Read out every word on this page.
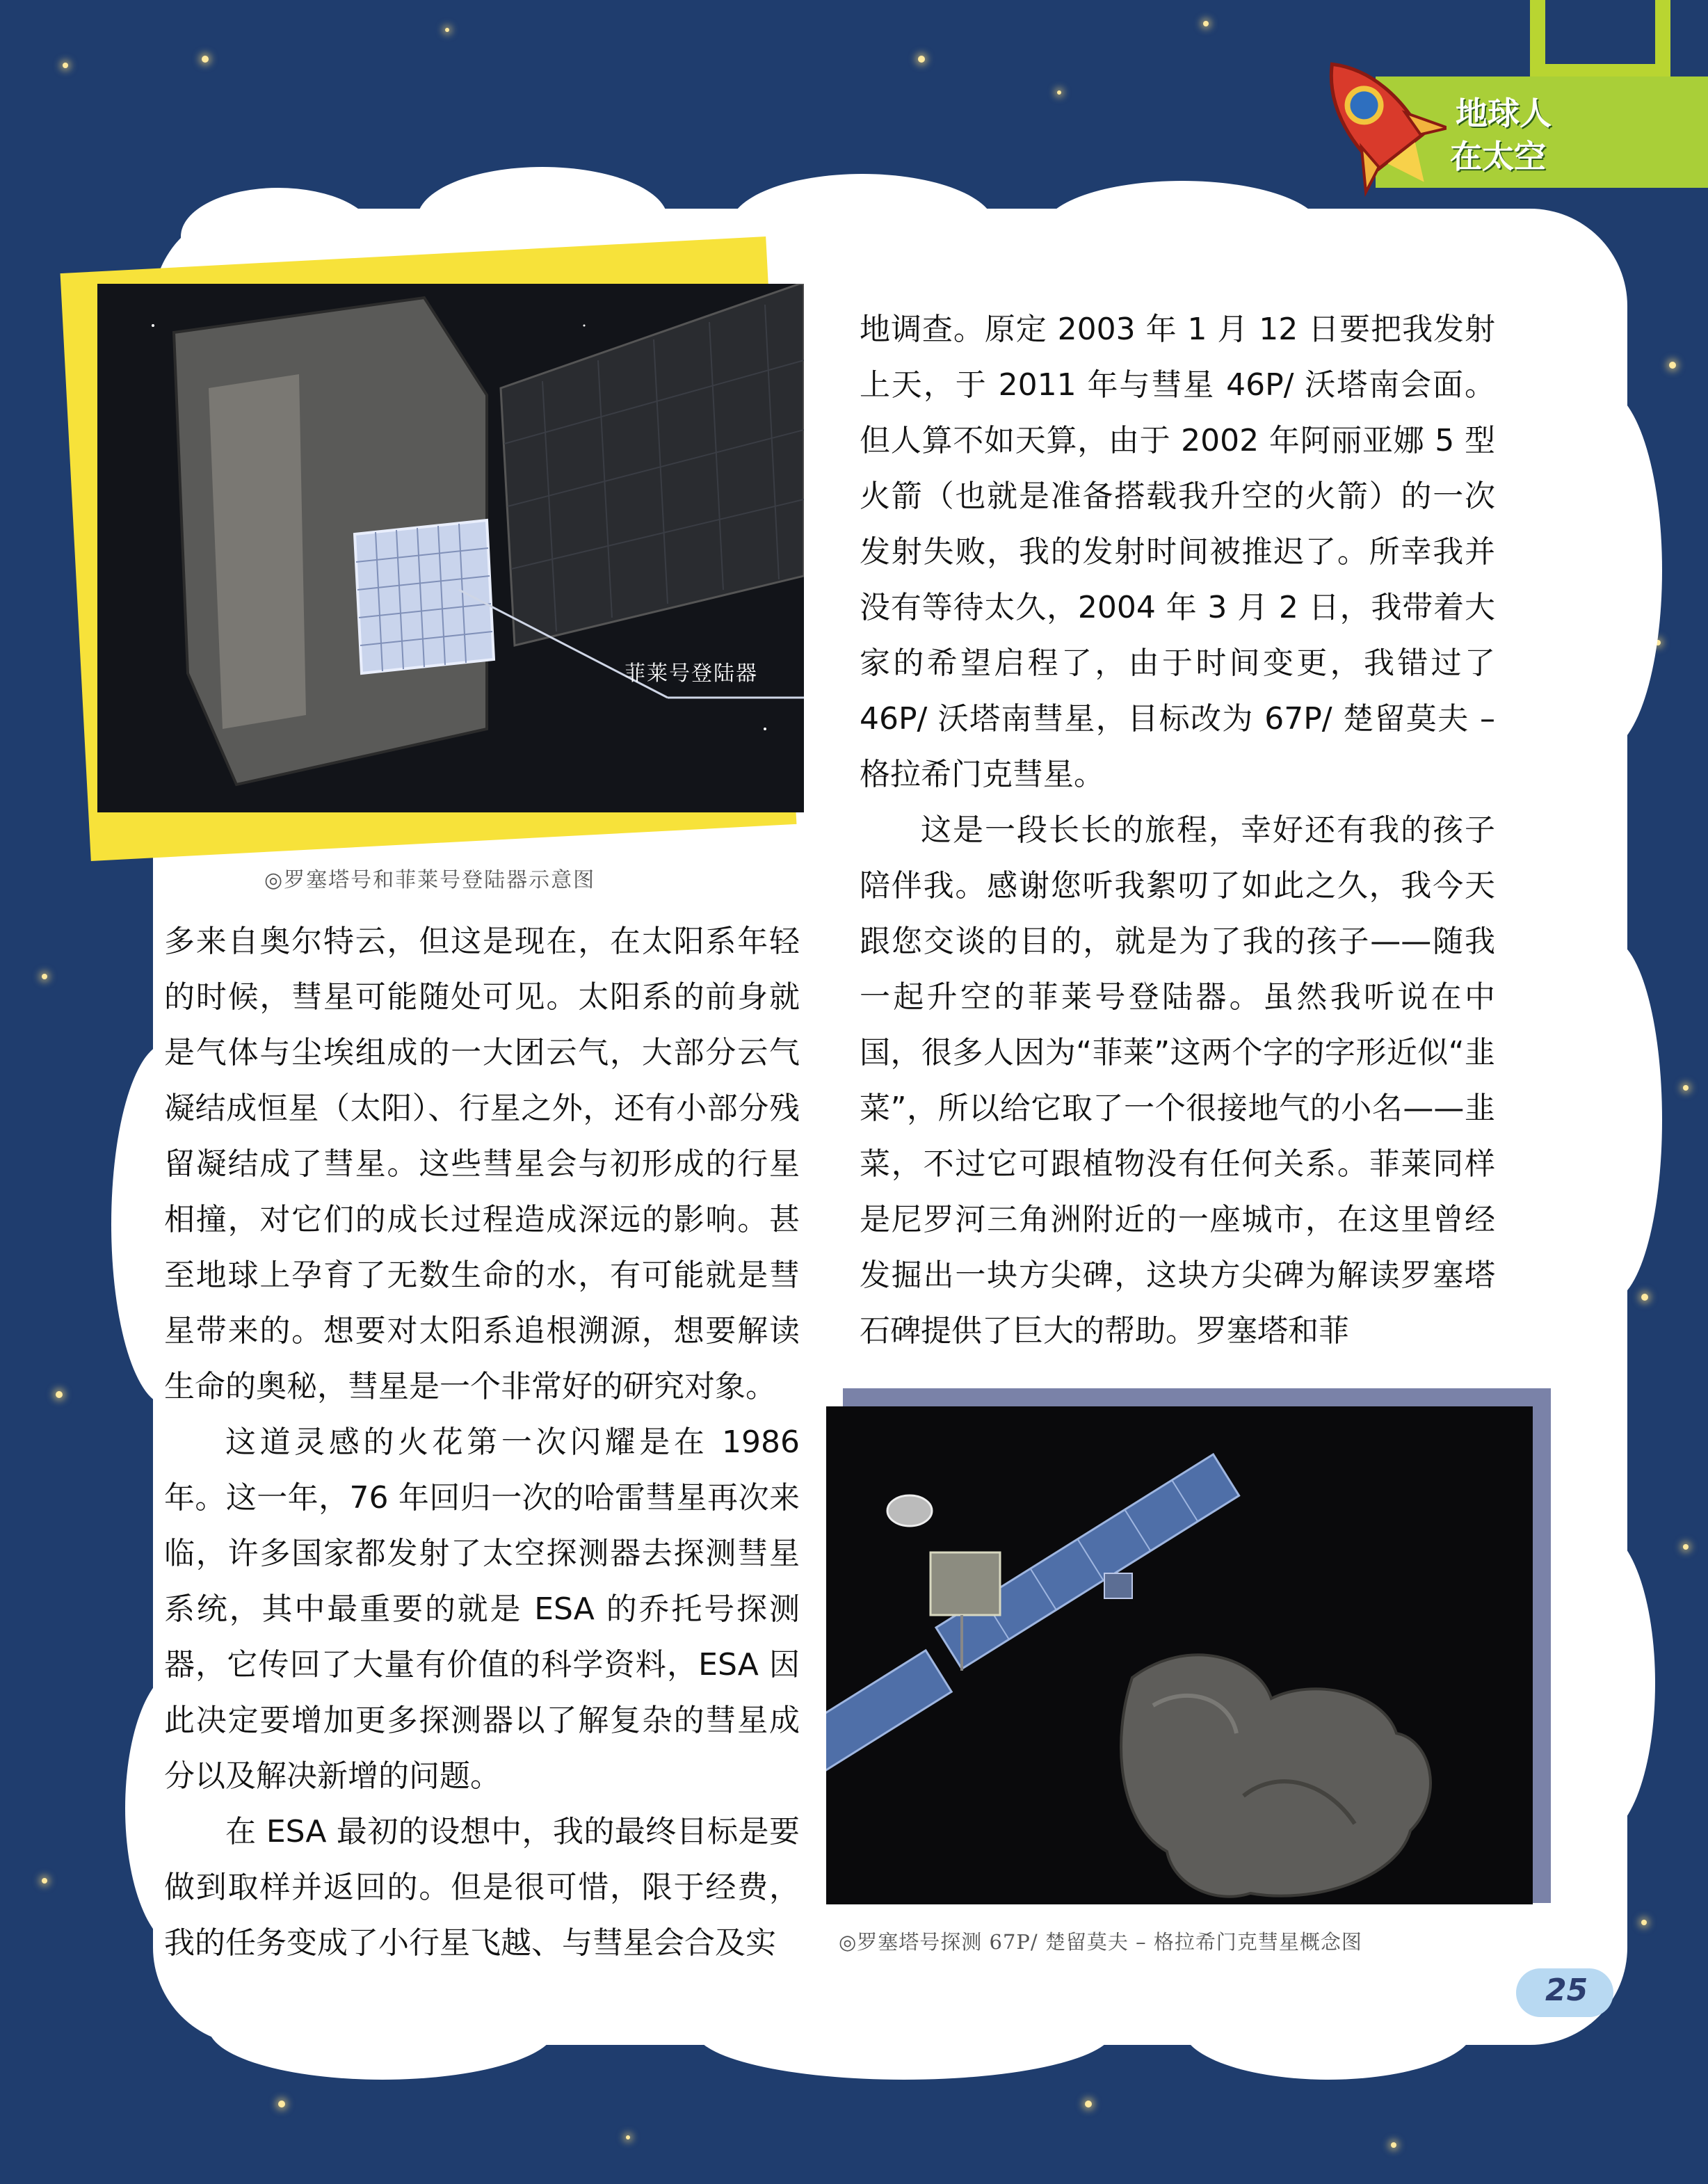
地球人
在太空
菲莱号登陆器
◎罗塞塔号和菲莱号登陆器示意图
◎罗塞塔号探测 67P/ 楚留莫夫 – 格拉希门克彗星概念图

多来自奥尔特云，但这是现在，在太阳系年轻的时候，彗星可能随处可见。太阳系的前身就是气体与尘埃组成的一大团云气，大部分云气凝结成恒星（太阳）、行星之外，还有小部分残留凝结成了彗星。这些彗星会与初形成的行星相撞，对它们的成长过程造成深远的影响。甚至地球上孕育了无数生命的水，有可能就是彗星带来的。想要对太阳系追根溯源，想要解读生命的奥秘，彗星是一个非常好的研究对象。

这道灵感的火花第一次闪耀是在 1986 年。这一年，76 年回归一次的哈雷彗星再次来临，许多国家都发射了太空探测器去探测彗星系统，其中最重要的就是 ESA 的乔托号探测器，它传回了大量有价值的科学资料，ESA 因此决定要增加更多探测器以了解复杂的彗星成分以及解决新增的问题。

在 ESA 最初的设想中，我的最终目标是要做到取样并返回的。但是很可惜，限于经费，我的任务变成了小行星飞越、与彗星会合及实

地调查。原定 2003 年 1 月 12 日要把我发射上天，于 2011 年与彗星 46P/ 沃塔南会面。但人算不如天算，由于 2002 年阿丽亚娜 5 型火箭（也就是准备搭载我升空的火箭）的一次发射失败，我的发射时间被推迟了。所幸我并没有等待太久，2004 年 3 月 2 日，我带着大家的希望启程了，由于时间变更，我错过了 46P/ 沃塔南彗星，目标改为 67P/ 楚留莫夫 – 格拉希门克彗星。

这是一段长长的旅程，幸好还有我的孩子陪伴我。感谢您听我絮叨了如此之久，我今天跟您交谈的目的，就是为了我的孩子——随我一起升空的菲莱号登陆器。虽然我听说在中国，很多人因为“菲莱”这两个字的字形近似“韭菜”，所以给它取了一个很接地气的小名——韭菜，不过它可跟植物没有任何关系。菲莱同样是尼罗河三角洲附近的一座城市，在这里曾经发掘出一块方尖碑，这块方尖碑为解读罗塞塔石碑提供了巨大的帮助。罗塞塔和菲

25
